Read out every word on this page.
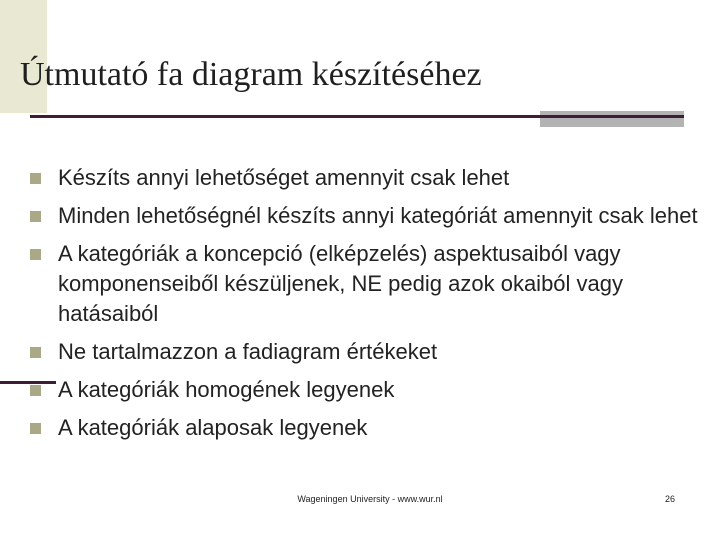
Útmutató fa diagram készítéséhez
Készíts annyi lehetőséget amennyit csak lehet
Minden lehetőségnél készíts annyi kategóriát amennyit csak lehet
A kategóriák a koncepció (elképzelés) aspektusaiból vagy komponenseiből készüljenek, NE pedig azok okaiból vagy hatásaiból
Ne tartalmazzon a fadiagram értékeket
A kategóriák homogének legyenek
A kategóriák alaposak legyenek
Wageningen University - www.wur.nl	26
